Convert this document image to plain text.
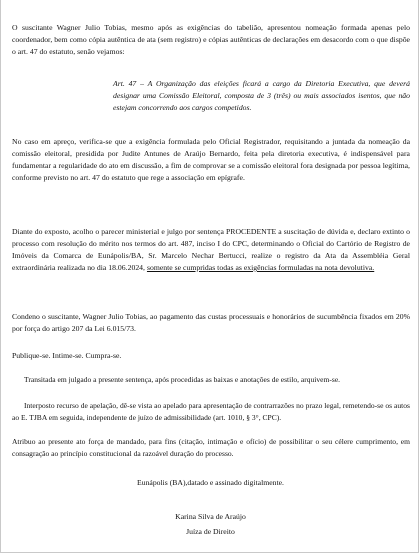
O suscitante Wagner Julio Tobias, mesmo após as exigências do tabelião, apresentou nomeação formada apenas pelo coordenador, bem como cópia autêntica de ata (sem registro) e cópias autênticas de declarações em desacordo com o que dispõe o art. 47 do estatuto, senão vejamos:

Art. 47 – A Organização das eleições ficará a cargo da Diretoria Executiva, que deverá designar uma Comissão Eleitoral, composta de 3 (três) ou mais associados isentos, que não estejam concorrendo aos cargos competidos.

No caso em apreço, verifica-se que a exigência formulada pelo Oficial Registrador, requisitando a juntada da nomeação da comissão eleitoral, presidida por Judite Antunes de Araújo Bernardo, feita pela diretoria executiva, é indispensável para fundamentar a regularidade do ato em discussão, a fim de comprovar se a comissão eleitoral fora designada por pessoa legítima, conforme previsto no art. 47 do estatuto que rege a associação em epígrafe.

Diante do exposto, acolho o parecer ministerial e julgo por sentença PROCEDENTE a suscitação de dúvida e, declaro extinto o processo com resolução do mérito nos termos do art. 487, inciso I do CPC, determinando o Oficial do Cartório de Registro de Imóveis da Comarca de Eunápolis/BA, Sr. Marcelo Nechar Bertucci, realize o registro da Ata da Assembléia Geral extraordinária realizada no dia 18.06.2024, somente se cumpridas todas as exigências formuladas na nota devolutiva.

Condeno o suscitante, Wagner Julio Tobias, ao pagamento das custas processuais e honorários de sucumbência fixados em 20% por força do artigo 207 da Lei 6.015/73.

Publique-se. Intime-se. Cumpra-se.

Transitada em julgado a presente sentença, após procedidas as baixas e anotações de estilo, arquivem-se.

Interposto recurso de apelação, dê-se vista ao apelado para apresentação de contrarrazões no prazo legal, remetendo-se os autos ao E. TJBA em seguida, independente de juízo de admissibilidade (art. 1010, § 3°, CPC).

Atribuo ao presente ato força de mandado, para fins (citação, intimação e ofício) de possibilitar o seu célere cumprimento, em consagração ao princípio constitucional da razoável duração do processo.

Eunápolis (BA),datado e assinado digitalmente.

Karina Silva de Araújo

Juíza de Direito
